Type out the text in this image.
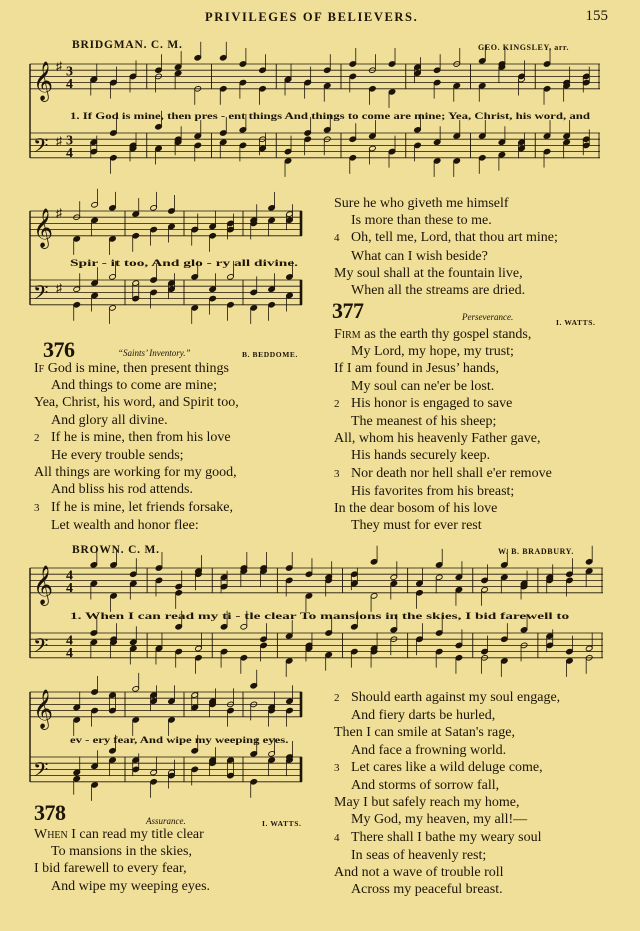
PRIVILEGES OF BELIEVERS.	155
BRIDGMAN. C. M.	GEO. KINGSLEY, arr.
𝄞 ♯ 3
4
𝄢 ♯ 3
4
1. If God is mine, then pres - ent things And things to come are mine; Yea, Christ, his word, and
𝄞 ♯
𝄢 ♯
Spir - it too, And glo - ry all divine.
376	“Saints’ Inventory.”	B. BEDDOME.
If God is mine, then present things
And things to come are mine;
Yea, Christ, his word, and Spirit too,
And glory all divine.
2 If he is mine, then from his love
He every trouble sends;
All things are working for my good,
And bliss his rod attends.
3 If he is mine, let friends forsake,
Let wealth and honor flee:
Sure he who giveth me himself
Is more than these to me.
4 Oh, tell me, Lord, that thou art mine;
What can I wish beside?
My soul shall at the fountain live,
When all the streams are dried.
377	Perseverance.
I. WATTS.
Firm as the earth thy gospel stands,
My Lord, my hope, my trust;
If I am found in Jesus’ hands,
My soul can ne'er be lost.
2 His honor is engaged to save
The meanest of his sheep;
All, whom his heavenly Father gave,
His hands securely keep.
3 Nor death nor hell shall e'er remove
His favorites from his breast;
In the dear bosom of his love
They must for ever rest
BROWN. C. M.	W. B. BRADBURY.
𝄞 4
4
𝄢 4
4
1. When I can read my ti - tle clear To mansions in the skies, I bid farewell to
𝄞
𝄢
ev - ery fear, And wipe my weeping eyes.
378	Assurance.	I. WATTS.
When I can read my title clear
To mansions in the skies,
I bid farewell to every fear,
And wipe my weeping eyes.
2 Should earth against my soul engage,
And fiery darts be hurled,
Then I can smile at Satan's rage,
And face a frowning world.
3 Let cares like a wild deluge come,
And storms of sorrow fall,
May I but safely reach my home,
My God, my heaven, my all!—
4 There shall I bathe my weary soul
In seas of heavenly rest;
And not a wave of trouble roll
Across my peaceful breast.
